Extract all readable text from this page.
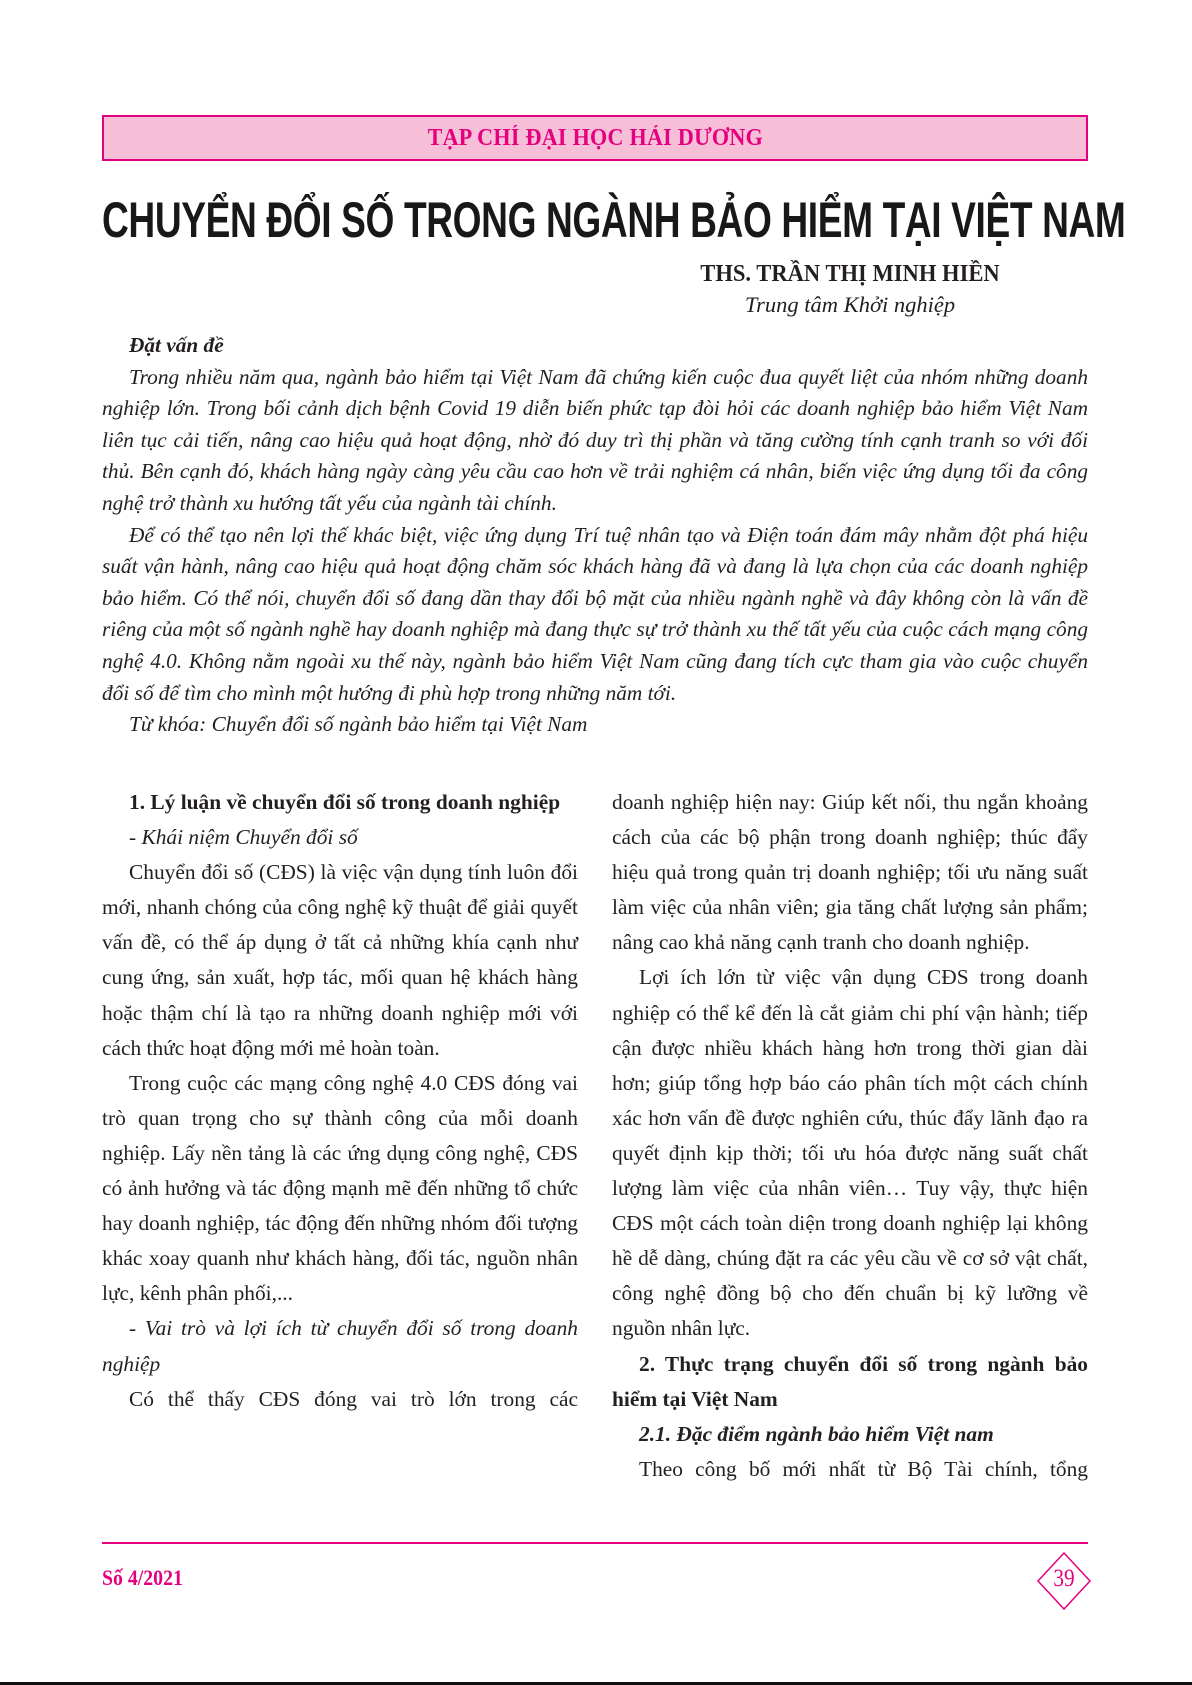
TẠP CHÍ ĐẠI HỌC HẢI DƯƠNG
CHUYỂN ĐỔI SỐ TRONG NGÀNH BẢO HIỂM TẠI VIỆT NAM
THS. TRẦN THỊ MINH HIỀN
Trung tâm Khởi nghiệp

Đặt vấn đề

Trong nhiều năm qua, ngành bảo hiểm tại Việt Nam đã chứng kiến cuộc đua quyết liệt của nhóm những doanh nghiệp lớn. Trong bối cảnh dịch bệnh Covid 19 diễn biến phức tạp đòi hỏi các doanh nghiệp bảo hiểm Việt Nam liên tục cải tiến, nâng cao hiệu quả hoạt động, nhờ đó duy trì thị phần và tăng cường tính cạnh tranh so với đối thủ. Bên cạnh đó, khách hàng ngày càng yêu cầu cao hơn về trải nghiệm cá nhân, biến việc ứng dụng tối đa công nghệ trở thành xu hướng tất yếu của ngành tài chính.

Để có thể tạo nên lợi thế khác biệt, việc ứng dụng Trí tuệ nhân tạo và Điện toán đám mây nhằm đột phá hiệu suất vận hành, nâng cao hiệu quả hoạt động chăm sóc khách hàng đã và đang là lựa chọn của các doanh nghiệp bảo hiểm. Có thể nói, chuyển đổi số đang dần thay đổi bộ mặt của nhiều ngành nghề và đây không còn là vấn đề riêng của một số ngành nghề hay doanh nghiệp mà đang thực sự trở thành xu thế tất yếu của cuộc cách mạng công nghệ 4.0. Không nằm ngoài xu thế này, ngành bảo hiểm Việt Nam cũng đang tích cực tham gia vào cuộc chuyển đổi số để tìm cho mình một hướng đi phù hợp trong những năm tới.

Từ khóa: Chuyển đổi số ngành bảo hiểm tại Việt Nam

1. Lý luận về chuyển đổi số trong doanh nghiệp

- Khái niệm Chuyển đổi số

Chuyển đổi số (CĐS) là việc vận dụng tính luôn đổi mới, nhanh chóng của công nghệ kỹ thuật để giải quyết vấn đề, có thể áp dụng ở tất cả những khía cạnh như cung ứng, sản xuất, hợp tác, mối quan hệ khách hàng hoặc thậm chí là tạo ra những doanh nghiệp mới với cách thức hoạt động mới mẻ hoàn toàn.

Trong cuộc các mạng công nghệ 4.0 CĐS đóng vai trò quan trọng cho sự thành công của mỗi doanh nghiệp. Lấy nền tảng là các ứng dụng công nghệ, CĐS có ảnh hưởng và tác động mạnh mẽ đến những tổ chức hay doanh nghiệp, tác động đến những nhóm đối tượng khác xoay quanh như khách hàng, đối tác, nguồn nhân lực, kênh phân phối,...

- Vai trò và lợi ích từ chuyển đổi số trong doanh nghiệp

Có thể thấy CĐS đóng vai trò lớn trong các

doanh nghiệp hiện nay: Giúp kết nối, thu ngắn khoảng cách của các bộ phận trong doanh nghiệp; thúc đẩy hiệu quả trong quản trị doanh nghiệp; tối ưu năng suất làm việc của nhân viên; gia tăng chất lượng sản phẩm; nâng cao khả năng cạnh tranh cho doanh nghiệp.

Lợi ích lớn từ việc vận dụng CĐS trong doanh nghiệp có thể kể đến là cắt giảm chi phí vận hành; tiếp cận được nhiều khách hàng hơn trong thời gian dài hơn; giúp tổng hợp báo cáo phân tích một cách chính xác hơn vấn đề được nghiên cứu, thúc đẩy lãnh đạo ra quyết định kịp thời; tối ưu hóa được năng suất chất lượng làm việc của nhân viên… Tuy vậy, thực hiện CĐS một cách toàn diện trong doanh nghiệp lại không hề dễ dàng, chúng đặt ra các yêu cầu về cơ sở vật chất, công nghệ đồng bộ cho đến chuẩn bị kỹ lưỡng về nguồn nhân lực.

2. Thực trạng chuyển đổi số trong ngành bảo hiểm tại Việt Nam

2.1. Đặc điểm ngành bảo hiểm Việt nam

Theo công bố mới nhất từ Bộ Tài chính, tổng

Số 4/2021	39
